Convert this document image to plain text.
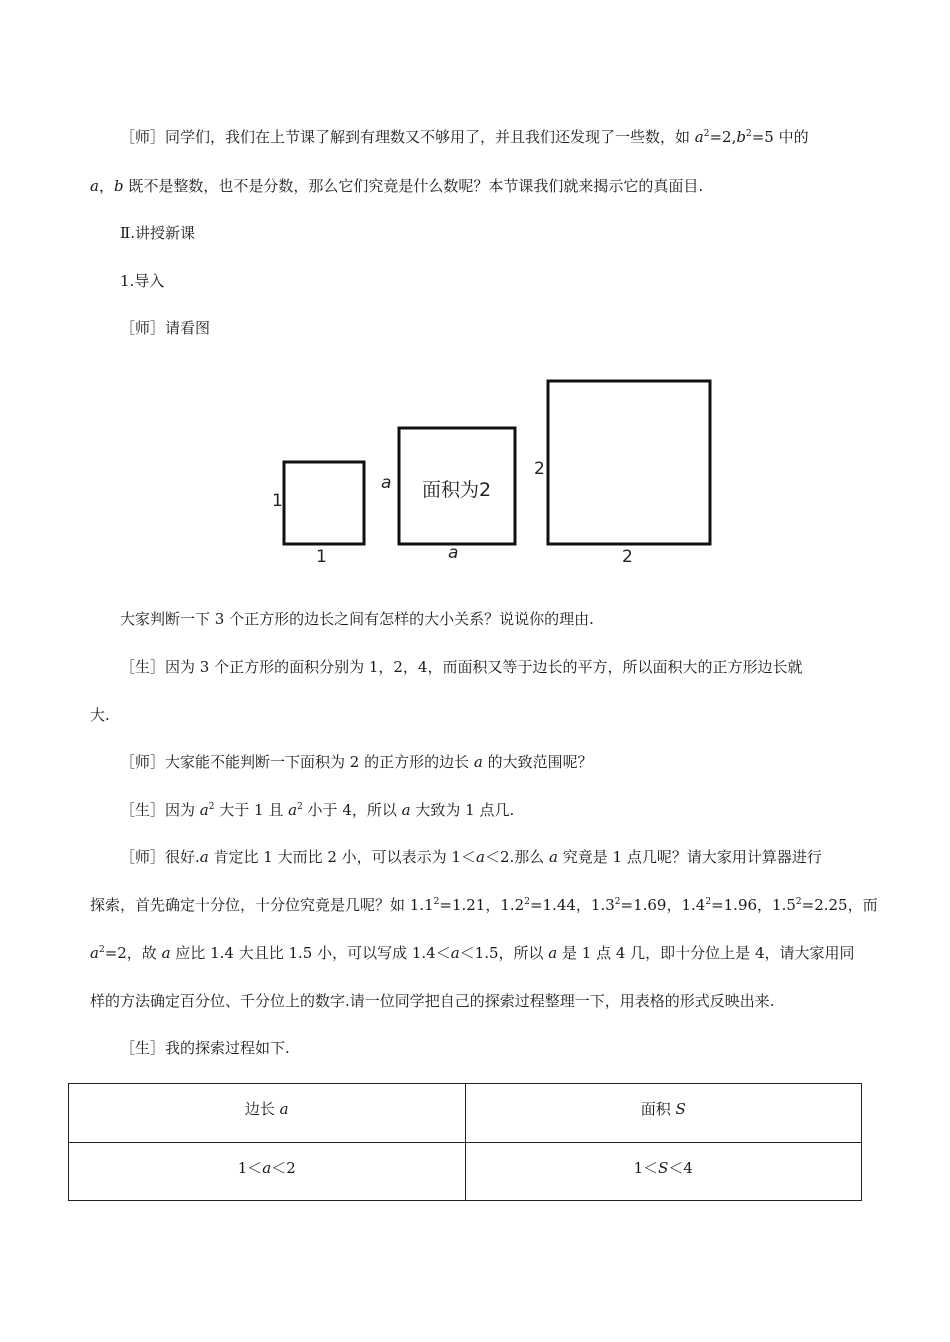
［师］同学们，我们在上节课了解到有理数又不够用了，并且我们还发现了一些数，如 $a^2=2,b^2=5$ 中的
a，b 既不是整数，也不是分数，那么它们究竟是什么数呢？本节课我们就来揭示它的真面目.
Ⅱ.讲授新课
1.导入
［师］请看图
1
1
a 面积为2
a
2
2
大家判断一下 3 个正方形的边长之间有怎样的大小关系？说说你的理由.
［生］因为 3 个正方形的面积分别为 1，2，4，而面积又等于边长的平方，所以面积大的正方形边长就
大.
［师］大家能不能判断一下面积为 2 的正方形的边长 a 的大致范围呢？
［生］因为 $a^2$ 大于 1 且 $a^2$ 小于 4，所以 a 大致为 1 点几.
［师］很好.a 肯定比 1 大而比 2 小，可以表示为 1＜a＜2.那么 a 究竟是 1 点几呢？请大家用计算器进行
探索，首先确定十分位，十分位究竟是几呢？如 $1.1^2=1.21$，$1.2^2=1.44$，$1.3^2=1.69$，$1.4^2=1.96$，$1.5^2=2.25$，而
$a^2=2$，故 a 应比 1.4 大且比 1.5 小，可以写成 1.4＜a＜1.5，所以 a 是 1 点 4 几，即十分位上是 4，请大家用同
样的方法确定百分位、千分位上的数字.请一位同学把自己的探索过程整理一下，用表格的形式反映出来.
［生］我的探索过程如下.
边长 a	面积 S
1＜a＜2	1＜S＜4
